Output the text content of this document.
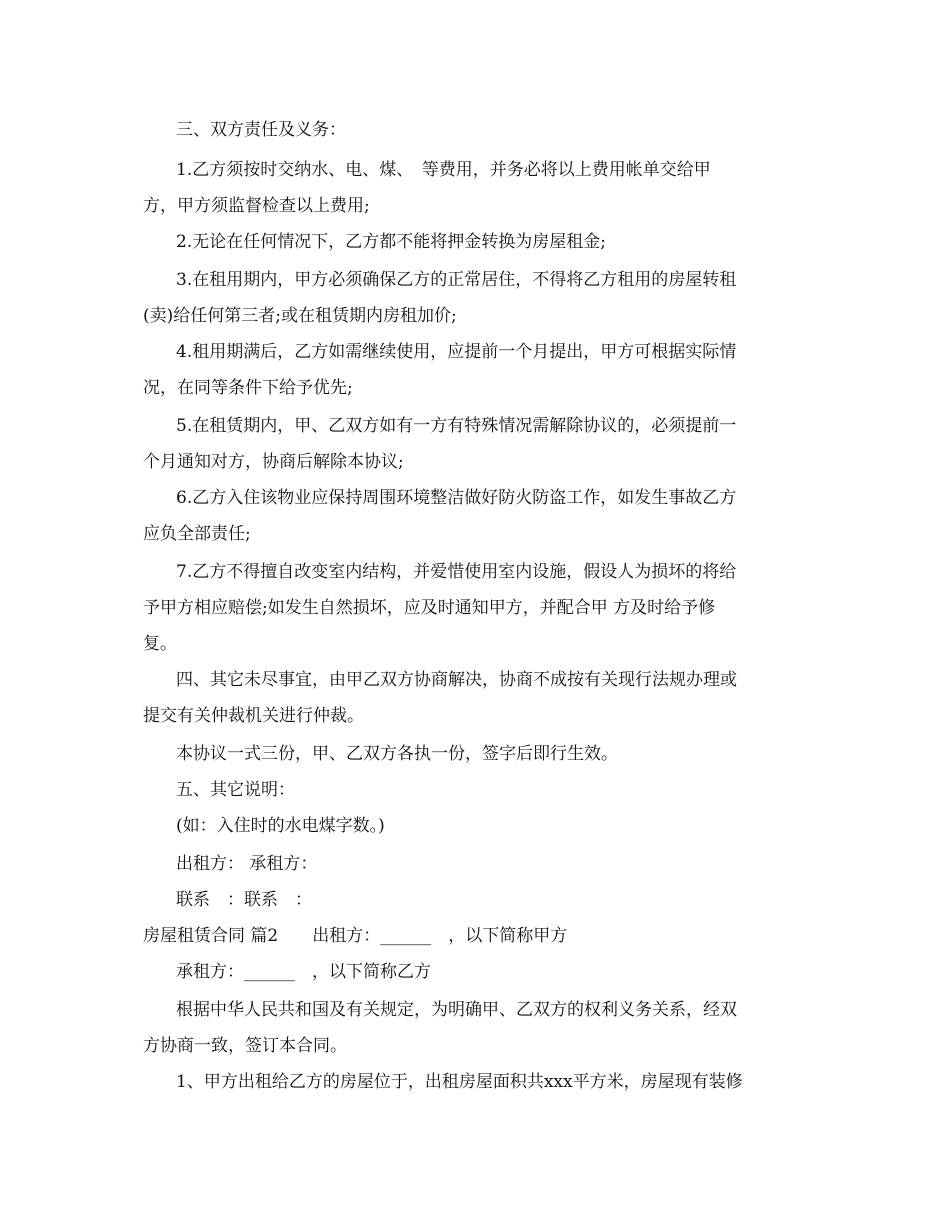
三、双方责任及义务：
1.乙方须按时交纳水、电、煤、　等费用，并务必将以上费用帐单交给甲
方，甲方须监督检查以上费用;
2.无论在任何情况下，乙方都不能将押金转换为房屋租金;
3.在租用期内，甲方必须确保乙方的正常居住，不得将乙方租用的房屋转租
(卖)给任何第三者;或在租赁期内房租加价;
4.租用期满后，乙方如需继续使用，应提前一个月提出，甲方可根据实际情
况，在同等条件下给予优先;
5.在租赁期内，甲、乙双方如有一方有特殊情况需解除协议的，必须提前一
个月通知对方，协商后解除本协议;
6.乙方入住该物业应保持周围环境整洁做好防火防盗工作，如发生事故乙方
应负全部责任;
7.乙方不得擅自改变室内结构，并爱惜使用室内设施，假设人为损坏的将给
予甲方相应赔偿;如发生自然损坏，应及时通知甲方，并配合甲 方及时给予修
复。
四、其它未尽事宜，由甲乙双方协商解决，协商不成按有关现行法规办理或
提交有关仲裁机关进行仲裁。
本协议一式三份，甲、乙双方各执一份，签字后即行生效。
五、其它说明：
(如：入住时的水电煤字数。)
出租方： 承租方：
联系　：联系　：
房屋租赁合同 篇2　　出租方：______　，以下简称甲方
承租方：______　，以下简称乙方
根据中华人民共和国及有关规定，为明确甲、乙双方的权利义务关系，经双
方协商一致，签订本合同。
1、甲方出租给乙方的房屋位于，出租房屋面积共xxx平方米，房屋现有装修
